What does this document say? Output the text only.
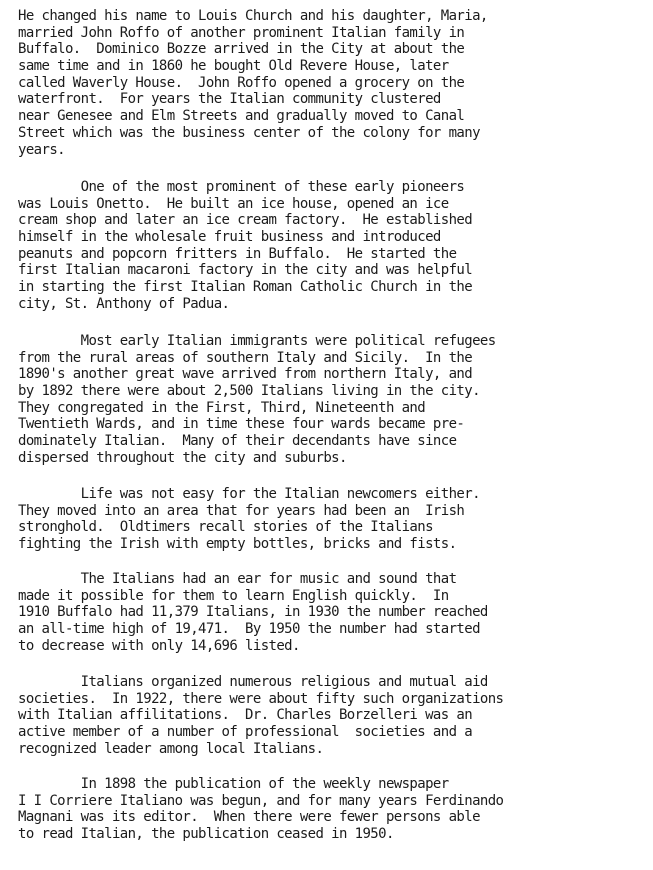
He changed his name to Louis Church and his daughter, Maria,
married John Roffo of another prominent Italian family in
Buffalo.  Dominico Bozze arrived in the City at about the
same time and in 1860 he bought Old Revere House, later
called Waverly House.  John Roffo opened a grocery on the
waterfront.  For years the Italian community clustered
near Genesee and Elm Streets and gradually moved to Canal
Street which was the business center of the colony for many
years.
One of the most prominent of these early pioneers
was Louis Onetto.  He built an ice house, opened an ice
cream shop and later an ice cream factory.  He established
himself in the wholesale fruit business and introduced
peanuts and popcorn fritters in Buffalo.  He started the
first Italian macaroni factory in the city and was helpful
in starting the first Italian Roman Catholic Church in the
city, St. Anthony of Padua.
Most early Italian immigrants were political refugees
from the rural areas of southern Italy and Sicily.  In the
1890's another great wave arrived from northern Italy, and
by 1892 there were about 2,500 Italians living in the city.
They congregated in the First, Third, Nineteenth and
Twentieth Wards, and in time these four wards became pre-
dominately Italian.  Many of their decendants have since
dispersed throughout the city and suburbs.
Life was not easy for the Italian newcomers either.
They moved into an area that for years had been an  Irish
stronghold.  Oldtimers recall stories of the Italians
fighting the Irish with empty bottles, bricks and fists.
The Italians had an ear for music and sound that
made it possible for them to learn English quickly.  In
1910 Buffalo had 11,379 Italians, in 1930 the number reached
an all-time high of 19,471.  By 1950 the number had started
to decrease with only 14,696 listed.
Italians organized numerous religious and mutual aid
societies.  In 1922, there were about fifty such organizations
with Italian affilitations.  Dr. Charles Borzelleri was an
active member of a number of professional  societies and a
recognized leader among local Italians.
In 1898 the publication of the weekly newspaper
I I Corriere Italiano was begun, and for many years Ferdinando
Magnani was its editor.  When there were fewer persons able
to read Italian, the publication ceased in 1950.
